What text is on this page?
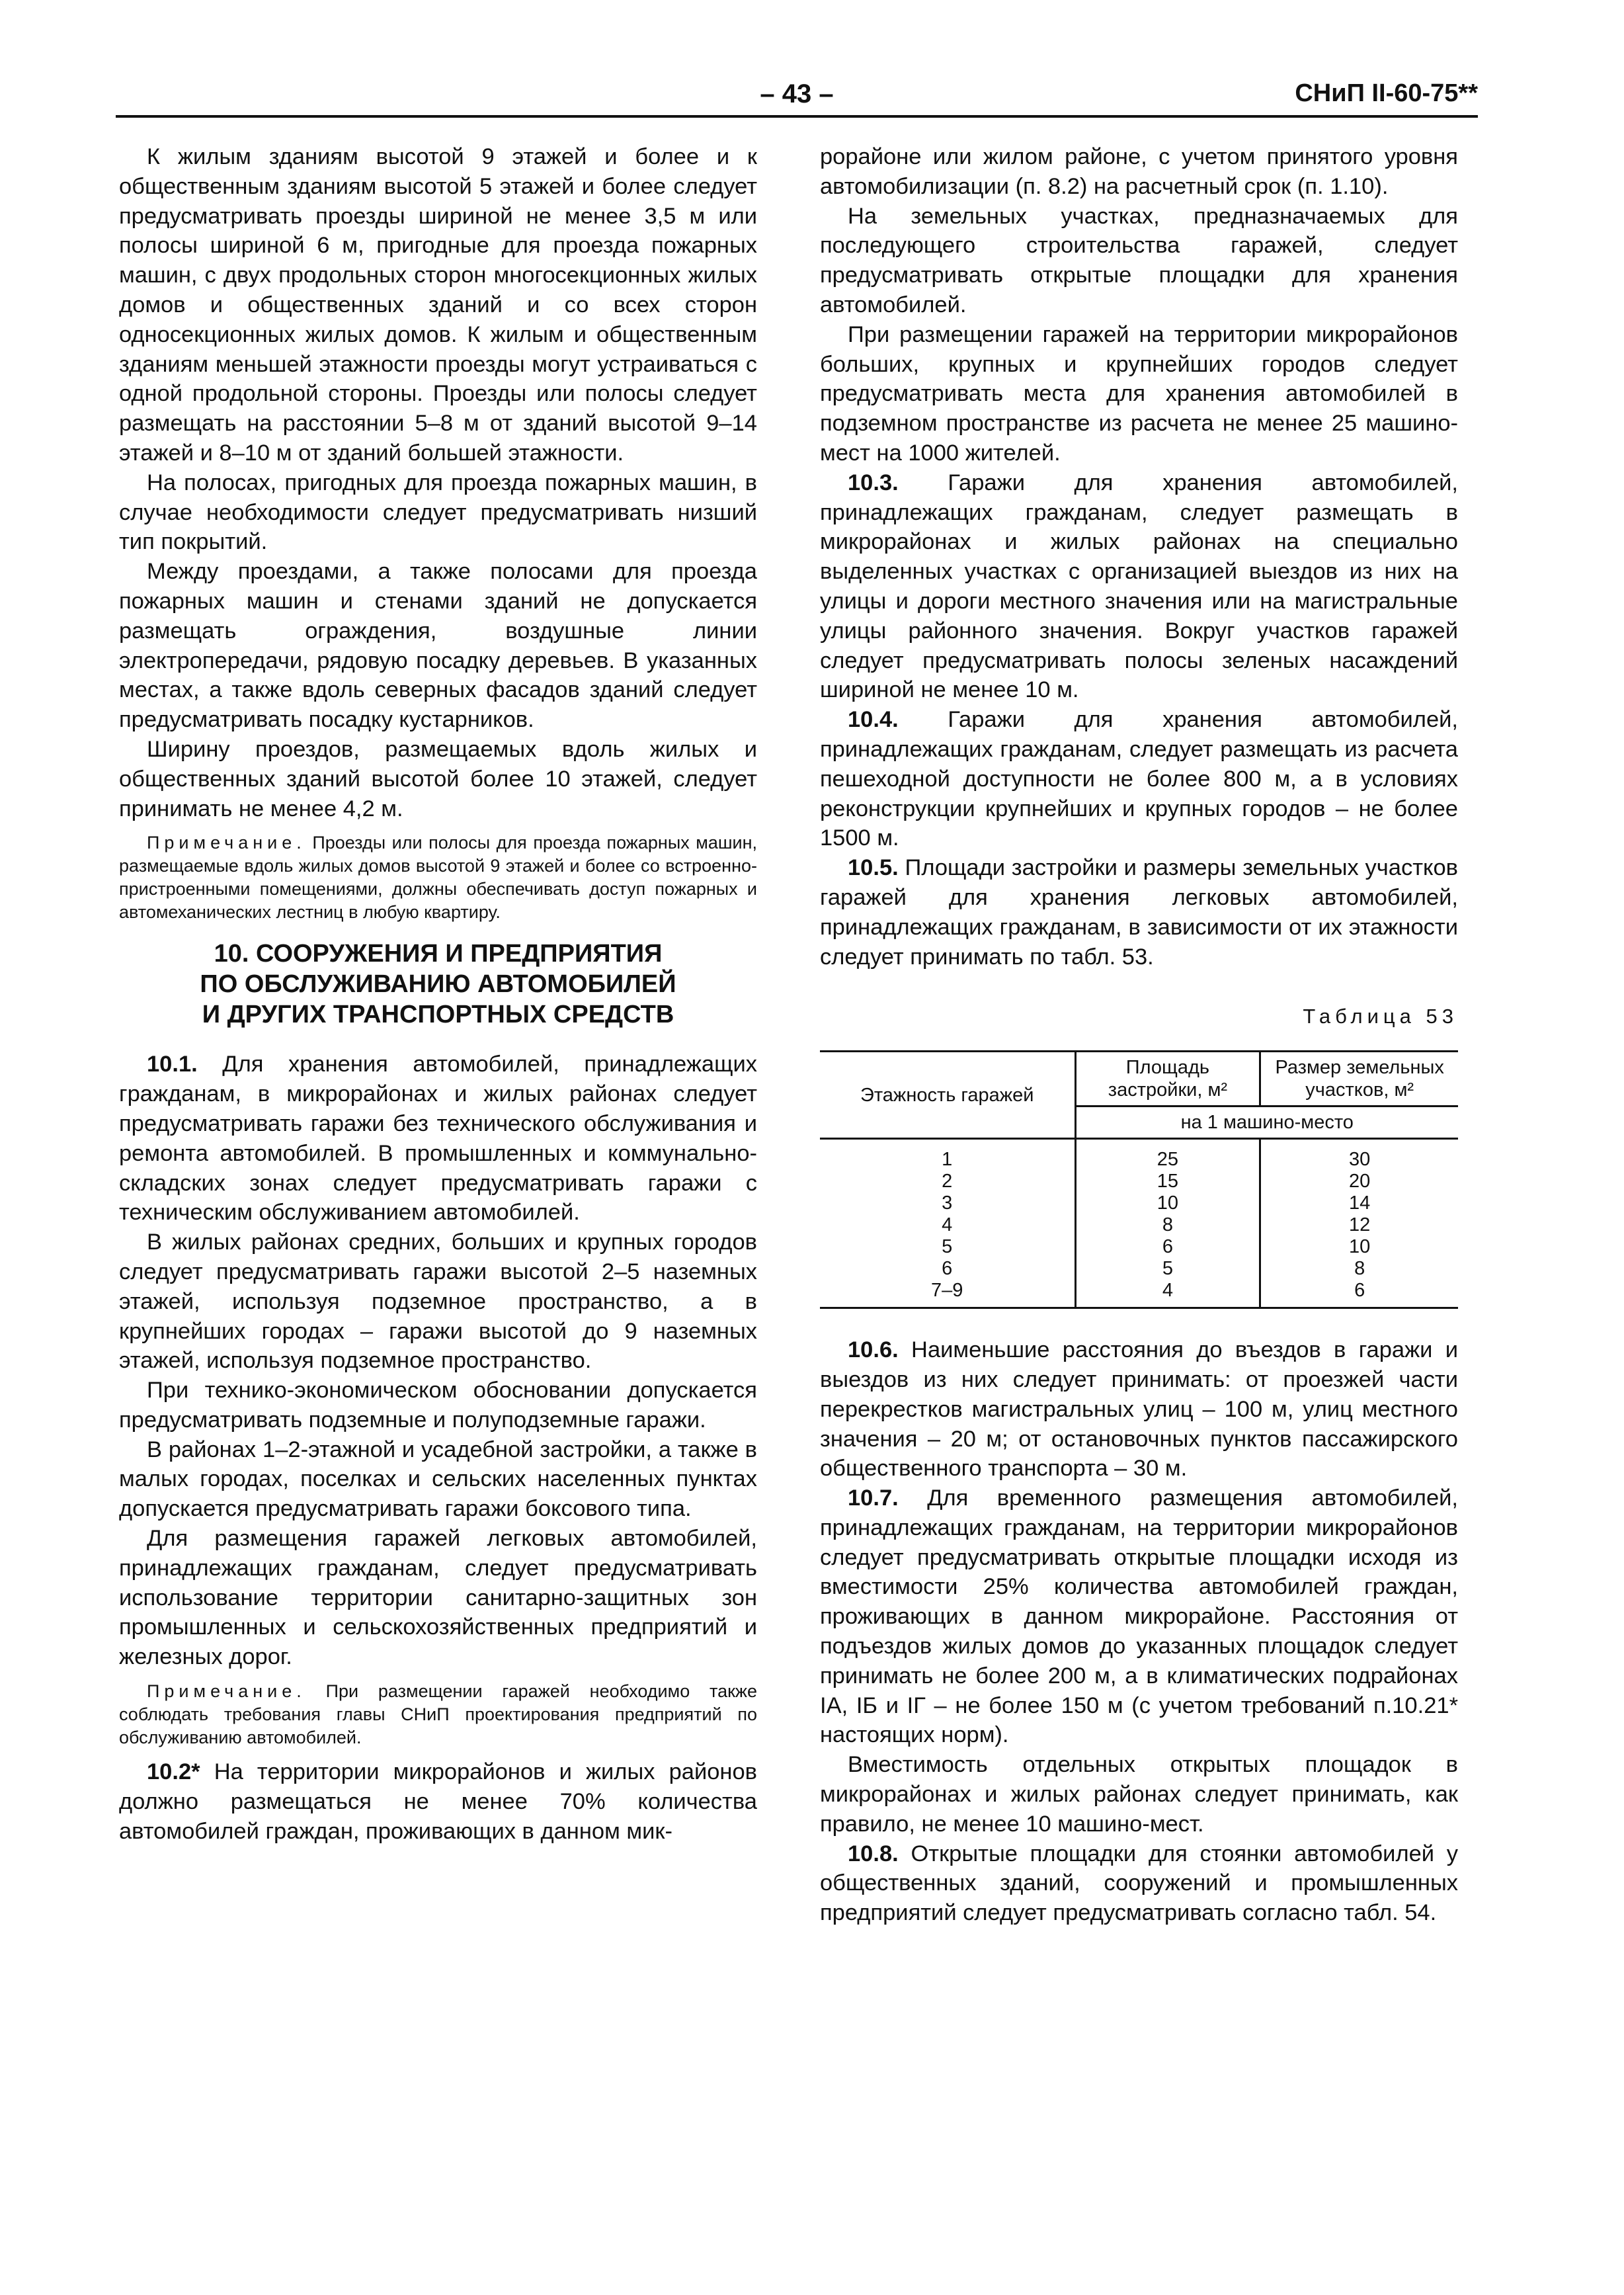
– 43 –	СНиП II-60-75**

К жилым зданиям высотой 9 этажей и более и к общественным зданиям высотой 5 этажей и более следует предусматривать проезды шириной не менее 3,5 м или полосы шириной 6 м, пригодные для проезда пожарных машин, с двух продольных сторон многосекционных жилых домов и общественных зданий и со всех сторон односекционных жилых домов. К жилым и общественным зданиям меньшей этажности проезды могут устраиваться с одной продольной стороны. Проезды или полосы следует размещать на расстоянии 5–8 м от зданий высотой 9–14 этажей и 8–10 м от зданий большей этажности.

На полосах, пригодных для проезда пожарных машин, в случае необходимости следует предусматривать низший тип покрытий.

Между проездами, а также полосами для проезда пожарных машин и стенами зданий не допускается размещать ограждения, воздушные линии электропередачи, рядовую посадку деревьев. В указанных местах, а также вдоль северных фасадов зданий следует предусматривать посадку кустарников.

Ширину проездов, размещаемых вдоль жилых и общественных зданий высотой более 10 этажей, следует принимать не менее 4,2 м.

Примечание. Проезды или полосы для проезда пожарных машин, размещаемые вдоль жилых домов высотой 9 этажей и более со встроенно-пристроенными помещениями, должны обеспечивать доступ пожарных и автомеханических лестниц в любую квартиру.

10. СООРУЖЕНИЯ И ПРЕДПРИЯТИЯ
ПО ОБСЛУЖИВАНИЮ АВТОМОБИЛЕЙ
И ДРУГИХ ТРАНСПОРТНЫХ СРЕДСТВ

10.1. Для хранения автомобилей, принадлежащих гражданам, в микрорайонах и жилых районах следует предусматривать гаражи без технического обслуживания и ремонта автомобилей. В промышленных и коммунально-складских зонах следует предусматривать гаражи с техническим обслуживанием автомобилей.

В жилых районах средних, больших и крупных городов следует предусматривать гаражи высотой 2–5 наземных этажей, используя подземное пространство, а в крупнейших городах – гаражи высотой до 9 наземных этажей, используя подземное пространство.

При технико-экономическом обосновании допускается предусматривать подземные и полуподземные гаражи.

В районах 1–2-этажной и усадебной застройки, а также в малых городах, поселках и сельских населенных пунктах допускается предусматривать гаражи боксового типа.

Для размещения гаражей легковых автомобилей, принадлежащих гражданам, следует предусматривать использование территории санитарно-защитных зон промышленных и сельскохозяйственных предприятий и железных дорог.

Примечание. При размещении гаражей необходимо также соблюдать требования главы СНиП проектирования предприятий по обслуживанию автомобилей.

10.2* На территории микрорайонов и жилых районов должно размещаться не менее 70% количества автомобилей граждан, проживающих в данном мик-

рорайоне или жилом районе, с учетом принятого уровня автомобилизации (п. 8.2) на расчетный срок (п. 1.10).

На земельных участках, предназначаемых для последующего строительства гаражей, следует предусматривать открытые площадки для хранения автомобилей.

При размещении гаражей на территории микрорайонов больших, крупных и крупнейших городов следует предусматривать места для хранения автомобилей в подземном пространстве из расчета не менее 25 машино-мест на 1000 жителей.

10.3. Гаражи для хранения автомобилей, принадлежащих гражданам, следует размещать в микрорайонах и жилых районах на специально выделенных участках с организацией выездов из них на улицы и дороги местного значения или на магистральные улицы районного значения. Вокруг участков гаражей следует предусматривать полосы зеленых насаждений шириной не менее 10 м.

10.4. Гаражи для хранения автомобилей, принадлежащих гражданам, следует размещать из расчета пешеходной доступности не более 800 м, а в условиях реконструкции крупнейших и крупных городов – не более 1500 м.

10.5. Площади застройки и размеры земельных участков гаражей для хранения легковых автомобилей, принадлежащих гражданам, в зависимости от их этажности следует принимать по табл. 53.

Таблица 53
Этажность гаражей	Площадь застройки, м²	Размер земельных участков, м²
	на 1 машино-место	
1	25	30
2	15	20
3	10	14
4	8	12
5	6	10
6	5	8
7–9	4	6

10.6. Наименьшие расстояния до въездов в гаражи и выездов из них следует принимать: от проезжей части перекрестков магистральных улиц – 100 м, улиц местного значения – 20 м; от остановочных пунктов пассажирского общественного транспорта – 30 м.

10.7. Для временного размещения автомобилей, принадлежащих гражданам, на территории микрорайонов следует предусматривать открытые площадки исходя из вместимости 25% количества автомобилей граждан, проживающих в данном микрорайоне. Расстояния от подъездов жилых домов до указанных площадок следует принимать не более 200 м, а в климатических подрайонах IА, IБ и IГ – не более 150 м (с учетом требований п.10.21* настоящих норм).

Вместимость отдельных открытых площадок в микрорайонах и жилых районах следует принимать, как правило, не менее 10 машино-мест.

10.8. Открытые площадки для стоянки автомобилей у общественных зданий, сооружений и промышленных предприятий следует предусматривать согласно табл. 54.
